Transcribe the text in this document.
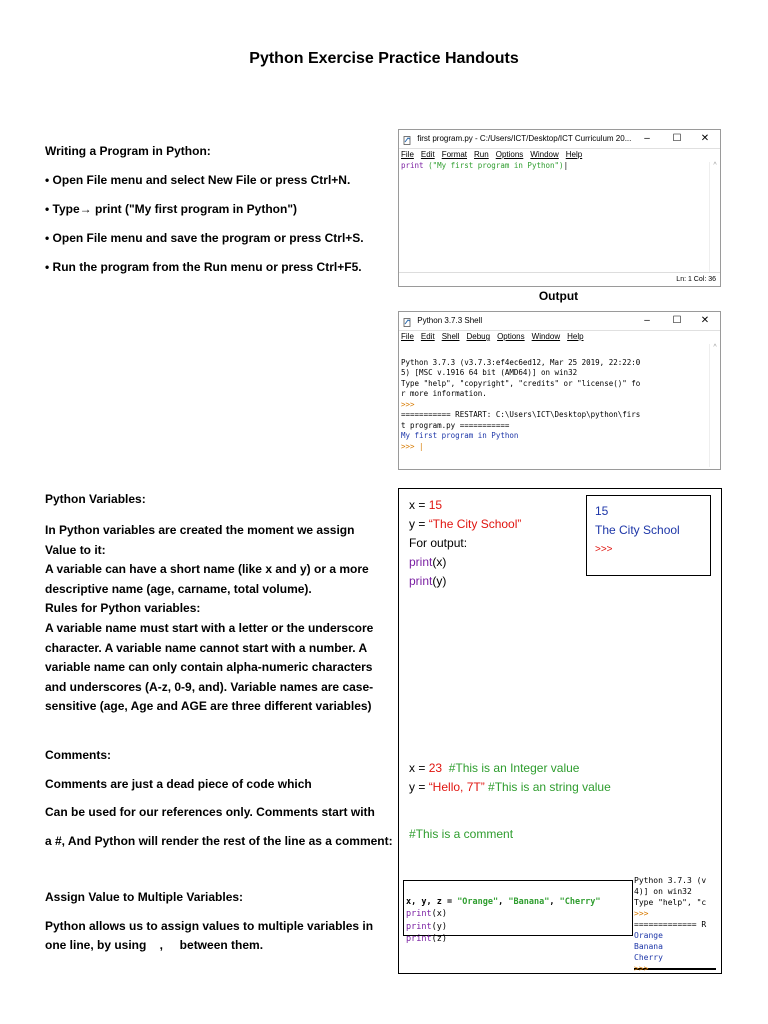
Python Exercise Practice Handouts
Writing a Program in Python:
• Open File menu and select New File or press Ctrl+N.
• Type→ print ("My first program in Python")
• Open File menu and save the program or press Ctrl+S.
• Run the program from the Run menu or press Ctrl+F5.
first program.py - C:/Users/ICT/Desktop/ICT Curriculum 20...	–	☐	✕
File Edit Format Run Options Window Help
print ("My first program in Python")|	^
Ln: 1 Col: 36
Output
Python 3.7.3 Shell	–	☐	✕
File Edit Shell Debug Options Window Help

Python 3.7.3 (v3.7.3:ef4ec6ed12, Mar 25 2019, 22:22:0
5) [MSC v.1916 64 bit (AMD64)] on win32
Type "help", "copyright", "credits" or "license()" fo
r more information.
>>>
=========== RESTART: C:\Users\ICT\Desktop\python\firs
t program.py ===========
My first program in Python
>>> |

^
Python Variables:
In Python variables are created the moment we assign
Value to it:
A variable can have a short name (like x and y) or a more
descriptive name (age, carname, total volume).
Rules for Python variables:
A variable name must start with a letter or the underscore
character. A variable name cannot start with a number. A
variable name can only contain alpha-numeric characters
and underscores (A-z, 0-9, and). Variable names are case-
sensitive (age, Age and AGE are three different variables)
Comments:
Comments are just a dead piece of code which
Can be used for our references only. Comments start with
a #, And Python will render the rest of the line as a comment:
Assign Value to Multiple Variables:
Python allows us to assign values to multiple variables in
one line, by using    ,     between them.
x = 15
y = “The City School”
For output:
print(x)
print(y)
15
The City School
>>>
x = 23  #This is an Integer value
y = “Hello, 7T” #This is an string value
#This is a comment

x, y, z = "Orange", "Banana", "Cherry"
print(x)
print(y)
print(z)

Python 3.7.3 (v
4)] on win32
Type "help", "c
>>>
============= R
Orange
Banana
Cherry
>>>
